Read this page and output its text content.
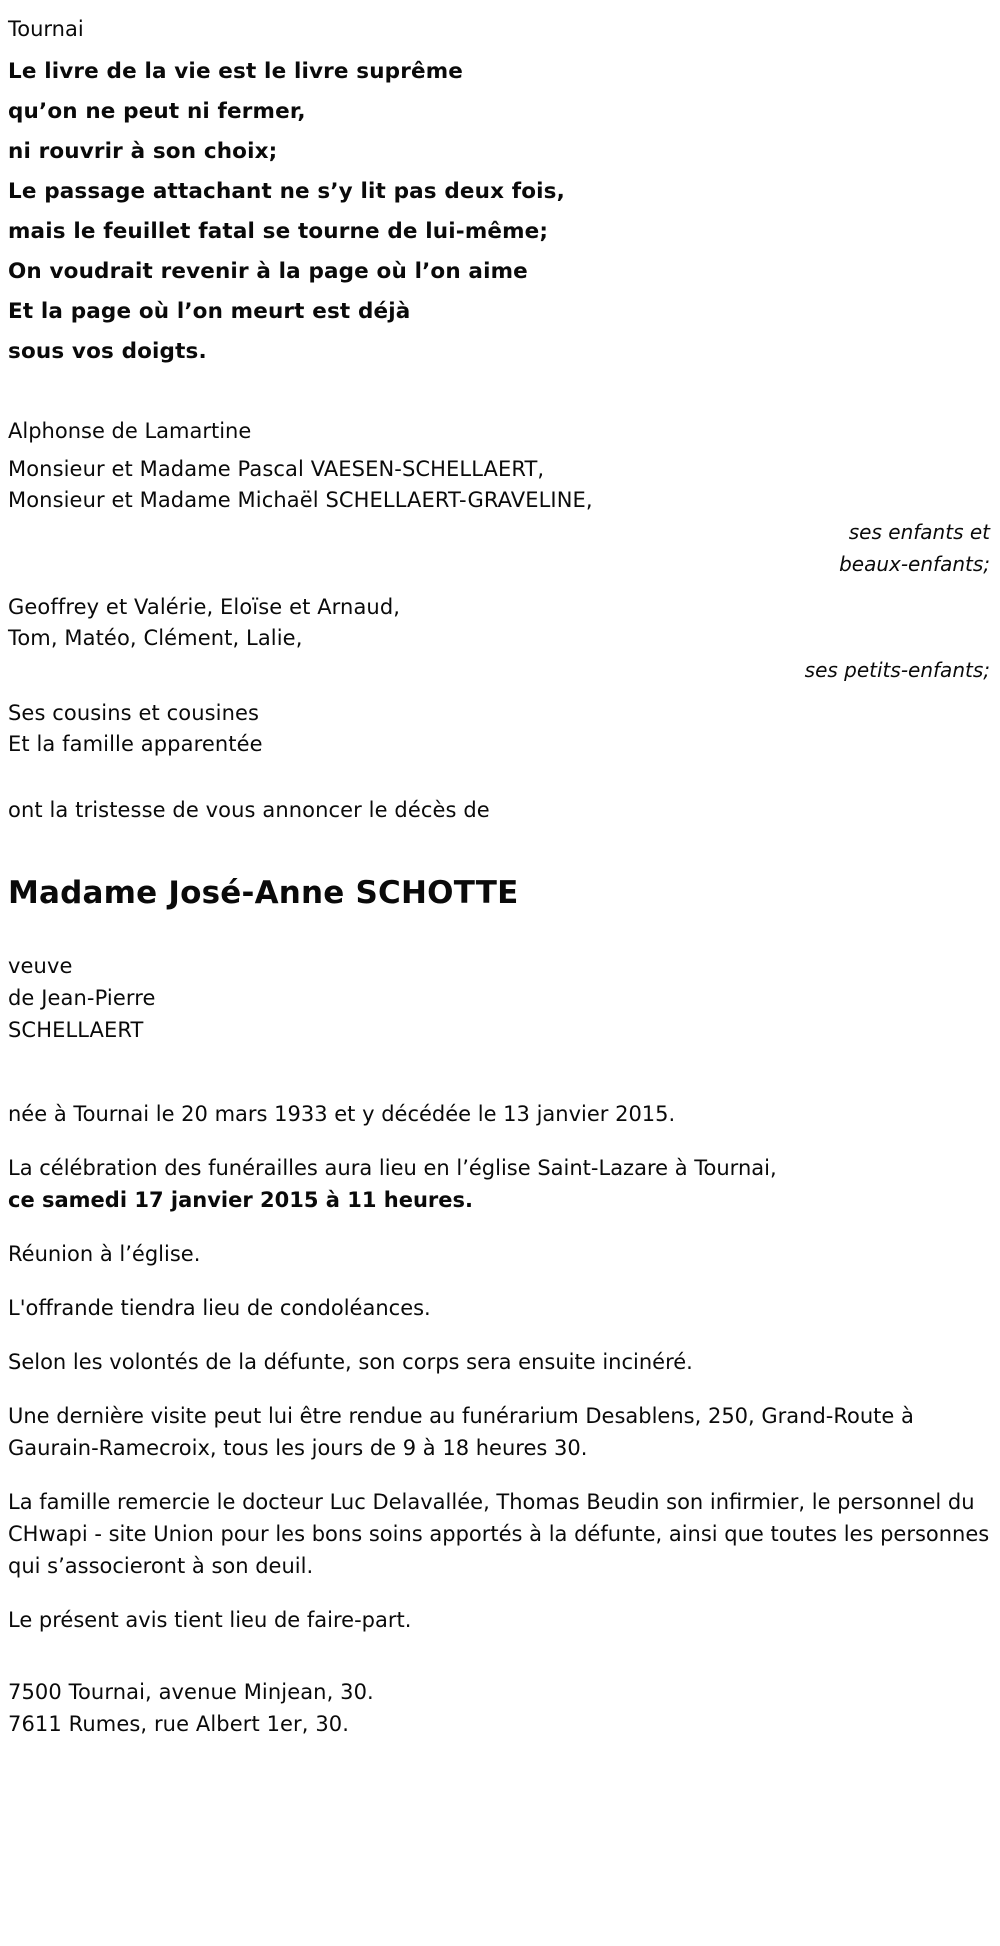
Tournai
Le livre de la vie est le livre suprême
qu’on ne peut ni fermer,
ni rouvrir à son choix;
Le passage attachant ne s’y lit pas deux fois,
mais le feuillet fatal se tourne de lui-même;
On voudrait revenir à la page où l’on aime
Et la page où l’on meurt est déjà
sous vos doigts.
Alphonse de Lamartine
Monsieur et Madame Pascal VAESEN-SCHELLAERT,
Monsieur et Madame Michaël SCHELLAERT-GRAVELINE,
ses enfants et
beaux-enfants;
Geoffrey et Valérie, Eloïse et Arnaud,
Tom, Matéo, Clément, Lalie,
ses petits-enfants;
Ses cousins et cousines
Et la famille apparentée
ont la tristesse de vous annoncer le décès de
Madame José-Anne SCHOTTE
veuve
de Jean-Pierre
SCHELLAERT

née à Tournai le 20 mars 1933 et y décédée le 13 janvier 2015.

La célébration des funérailles aura lieu en l’église Saint-Lazare à Tournai,

ce samedi 17 janvier 2015 à 11 heures.

Réunion à l’église.

L'offrande tiendra lieu de condoléances.

Selon les volontés de la défunte, son corps sera ensuite incinéré.

Une dernière visite peut lui être rendue au funérarium Desablens, 250, Grand-Route à Gaurain-Ramecroix, tous les jours de 9 à 18 heures 30.

La famille remercie le docteur Luc Delavallée, Thomas Beudin son infirmier, le personnel du CHwapi - site Union pour les bons soins apportés à la défunte, ainsi que toutes les personnes qui s’associeront à son deuil.

Le présent avis tient lieu de faire-part.

7500 Tournai, avenue Minjean, 30.
7611 Rumes, rue Albert 1er, 30.
